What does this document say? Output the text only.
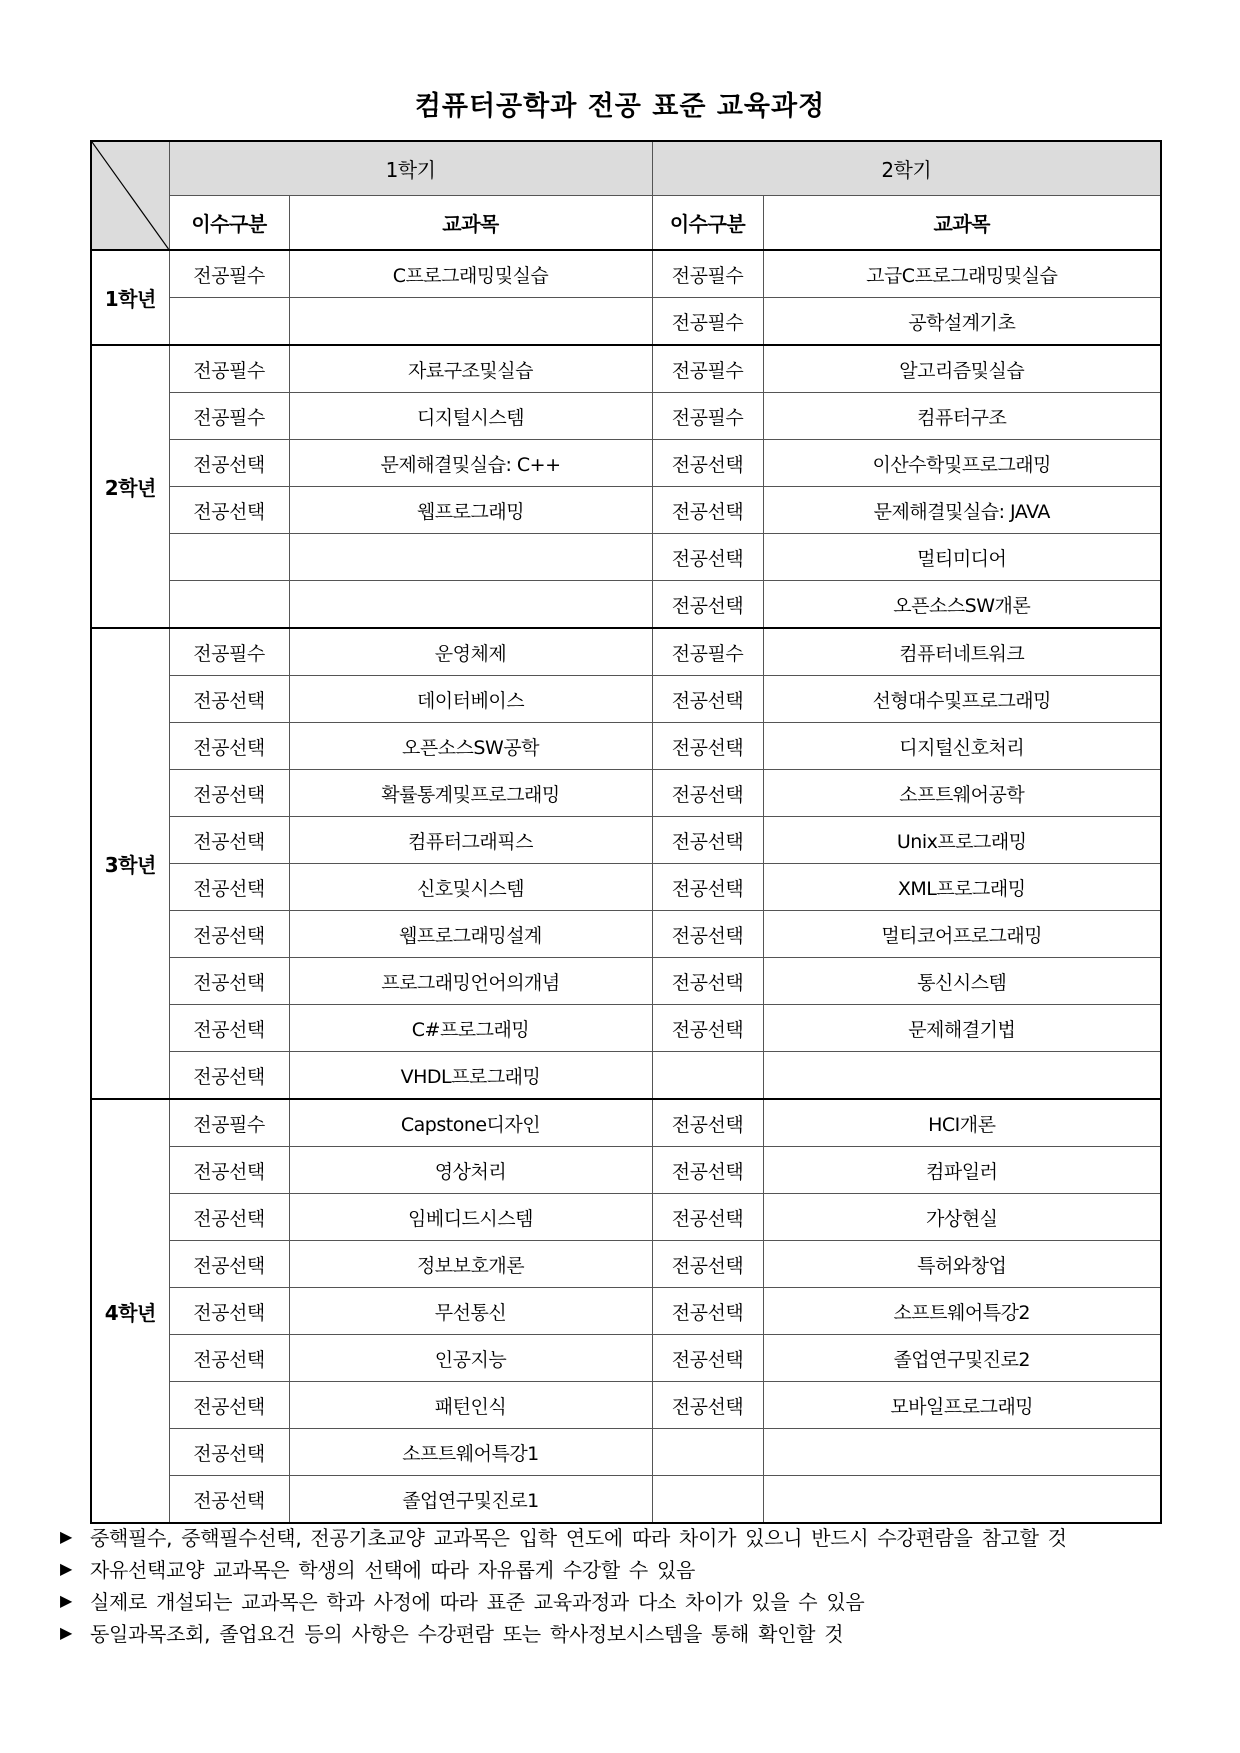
컴퓨터공학과 전공 표준 교육과정
	1학기		2학기	
	이수구분	교과목	이수구분	교과목
1학년	전공필수	C프로그래밍및실습	전공필수	고급C프로그래밍및실습
			전공필수	공학설계기초
2학년	전공필수	자료구조및실습	전공필수	알고리즘및실습
	전공필수	디지털시스템	전공필수	컴퓨터구조
	전공선택	문제해결및실습: C++	전공선택	이산수학및프로그래밍
	전공선택	웹프로그래밍	전공선택	문제해결및실습: JAVA
			전공선택	멀티미디어
			전공선택	오픈소스SW개론
3학년	전공필수	운영체제	전공필수	컴퓨터네트워크
	전공선택	데이터베이스	전공선택	선형대수및프로그래밍
	전공선택	오픈소스SW공학	전공선택	디지털신호처리
	전공선택	확률통계및프로그래밍	전공선택	소프트웨어공학
	전공선택	컴퓨터그래픽스	전공선택	Unix프로그래밍
	전공선택	신호및시스템	전공선택	XML프로그래밍
	전공선택	웹프로그래밍설계	전공선택	멀티코어프로그래밍
	전공선택	프로그래밍언어의개념	전공선택	통신시스템
	전공선택	C#프로그래밍	전공선택	문제해결기법
	전공선택	VHDL프로그래밍		
4학년	전공필수	Capstone디자인	전공선택	HCI개론
	전공선택	영상처리	전공선택	컴파일러
	전공선택	임베디드시스템	전공선택	가상현실
	전공선택	정보보호개론	전공선택	특허와창업
	전공선택	무선통신	전공선택	소프트웨어특강2
	전공선택	인공지능	전공선택	졸업연구및진로2
	전공선택	패턴인식	전공선택	모바일프로그래밍
	전공선택	소프트웨어특강1		
	전공선택	졸업연구및진로1		
▶ 중핵필수, 중핵필수선택, 전공기초교양 교과목은 입학 연도에 따라 차이가 있으니 반드시 수강편람을 참고할 것
▶ 자유선택교양 교과목은 학생의 선택에 따라 자유롭게 수강할 수 있음
▶ 실제로 개설되는 교과목은 학과 사정에 따라 표준 교육과정과 다소 차이가 있을 수 있음
▶ 동일과목조회, 졸업요건 등의 사항은 수강편람 또는 학사정보시스템을 통해 확인할 것
